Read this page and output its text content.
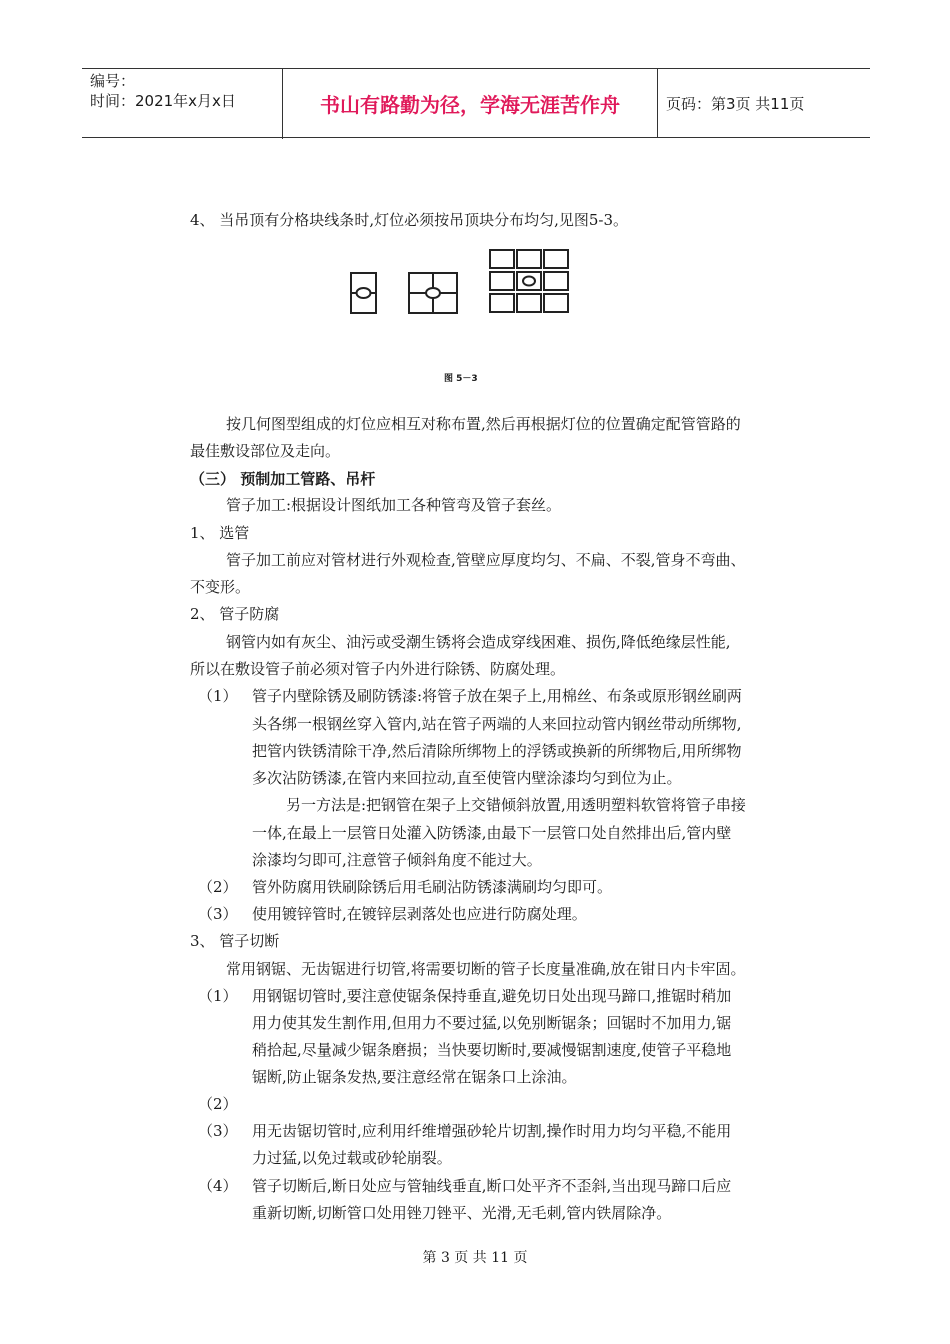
编号：
时间：2021年x月x日	书山有路勤为径，学海无涯苦作舟	页码：第3页 共11页
4、 当吊顶有分格块线条时,灯位必须按吊顶块分布均匀,见图5-3。
图 5－3
按几何图型组成的灯位应相互对称布置,然后再根据灯位的位置确定配管管路的
最佳敷设部位及走向。
（三） 预制加工管路、吊杆
管子加工:根据设计图纸加工各种管弯及管子套丝。
1、 选管
管子加工前应对管材进行外观检查,管壁应厚度均匀、不扁、不裂,管身不弯曲、
不变形。
2、 管子防腐
钢管内如有灰尘、油污或受潮生锈将会造成穿线困难、损伤,降低绝缘层性能,
所以在敷设管子前必须对管子内外进行除锈、防腐处理。
（1） 管子内壁除锈及刷防锈漆:将管子放在架子上,用棉丝、布条或原形钢丝刷两
头各绑一根钢丝穿入管内,站在管子两端的人来回拉动管内钢丝带动所绑物,
把管内铁锈清除干净,然后清除所绑物上的浮锈或换新的所绑物后,用所绑物
多次沾防锈漆,在管内来回拉动,直至使管内壁涂漆均匀到位为止。
另一方法是:把钢管在架子上交错倾斜放置,用透明塑料软管将管子串接
一体,在最上一层管日处灌入防锈漆,由最下一层管口处自然排出后,管内壁
涂漆均匀即可,注意管子倾斜角度不能过大。
（2） 管外防腐用铁刷除锈后用毛刷沾防锈漆满刷均匀即可。
（3） 使用镀锌管时,在镀锌层剥落处也应进行防腐处理。
3、 管子切断
常用钢锯、无齿锯进行切管,将需要切断的管子长度量准确,放在钳日内卡牢固。
（1） 用钢锯切管时,要注意使锯条保持垂直,避免切日处出现马蹄口,推锯时稍加
用力使其发生割作用,但用力不要过猛,以免别断锯条；回锯时不加用力,锯
稍拾起,尽量减少锯条磨损；当快要切断时,要减慢锯割速度,使管子平稳地
锯断,防止锯条发热,要注意经常在锯条口上涂油。
（2）
（3） 用无齿锯切管时,应利用纤维增强砂轮片切割,操作时用力均匀平稳,不能用
力过猛,以免过载或砂轮崩裂。
（4） 管子切断后,断日处应与管轴线垂直,断口处平齐不歪斜,当出现马蹄口后应
重新切断,切断管口处用锉刀锉平、光滑,无毛刺,管内铁屑除净。
第 3 页 共 11 页
